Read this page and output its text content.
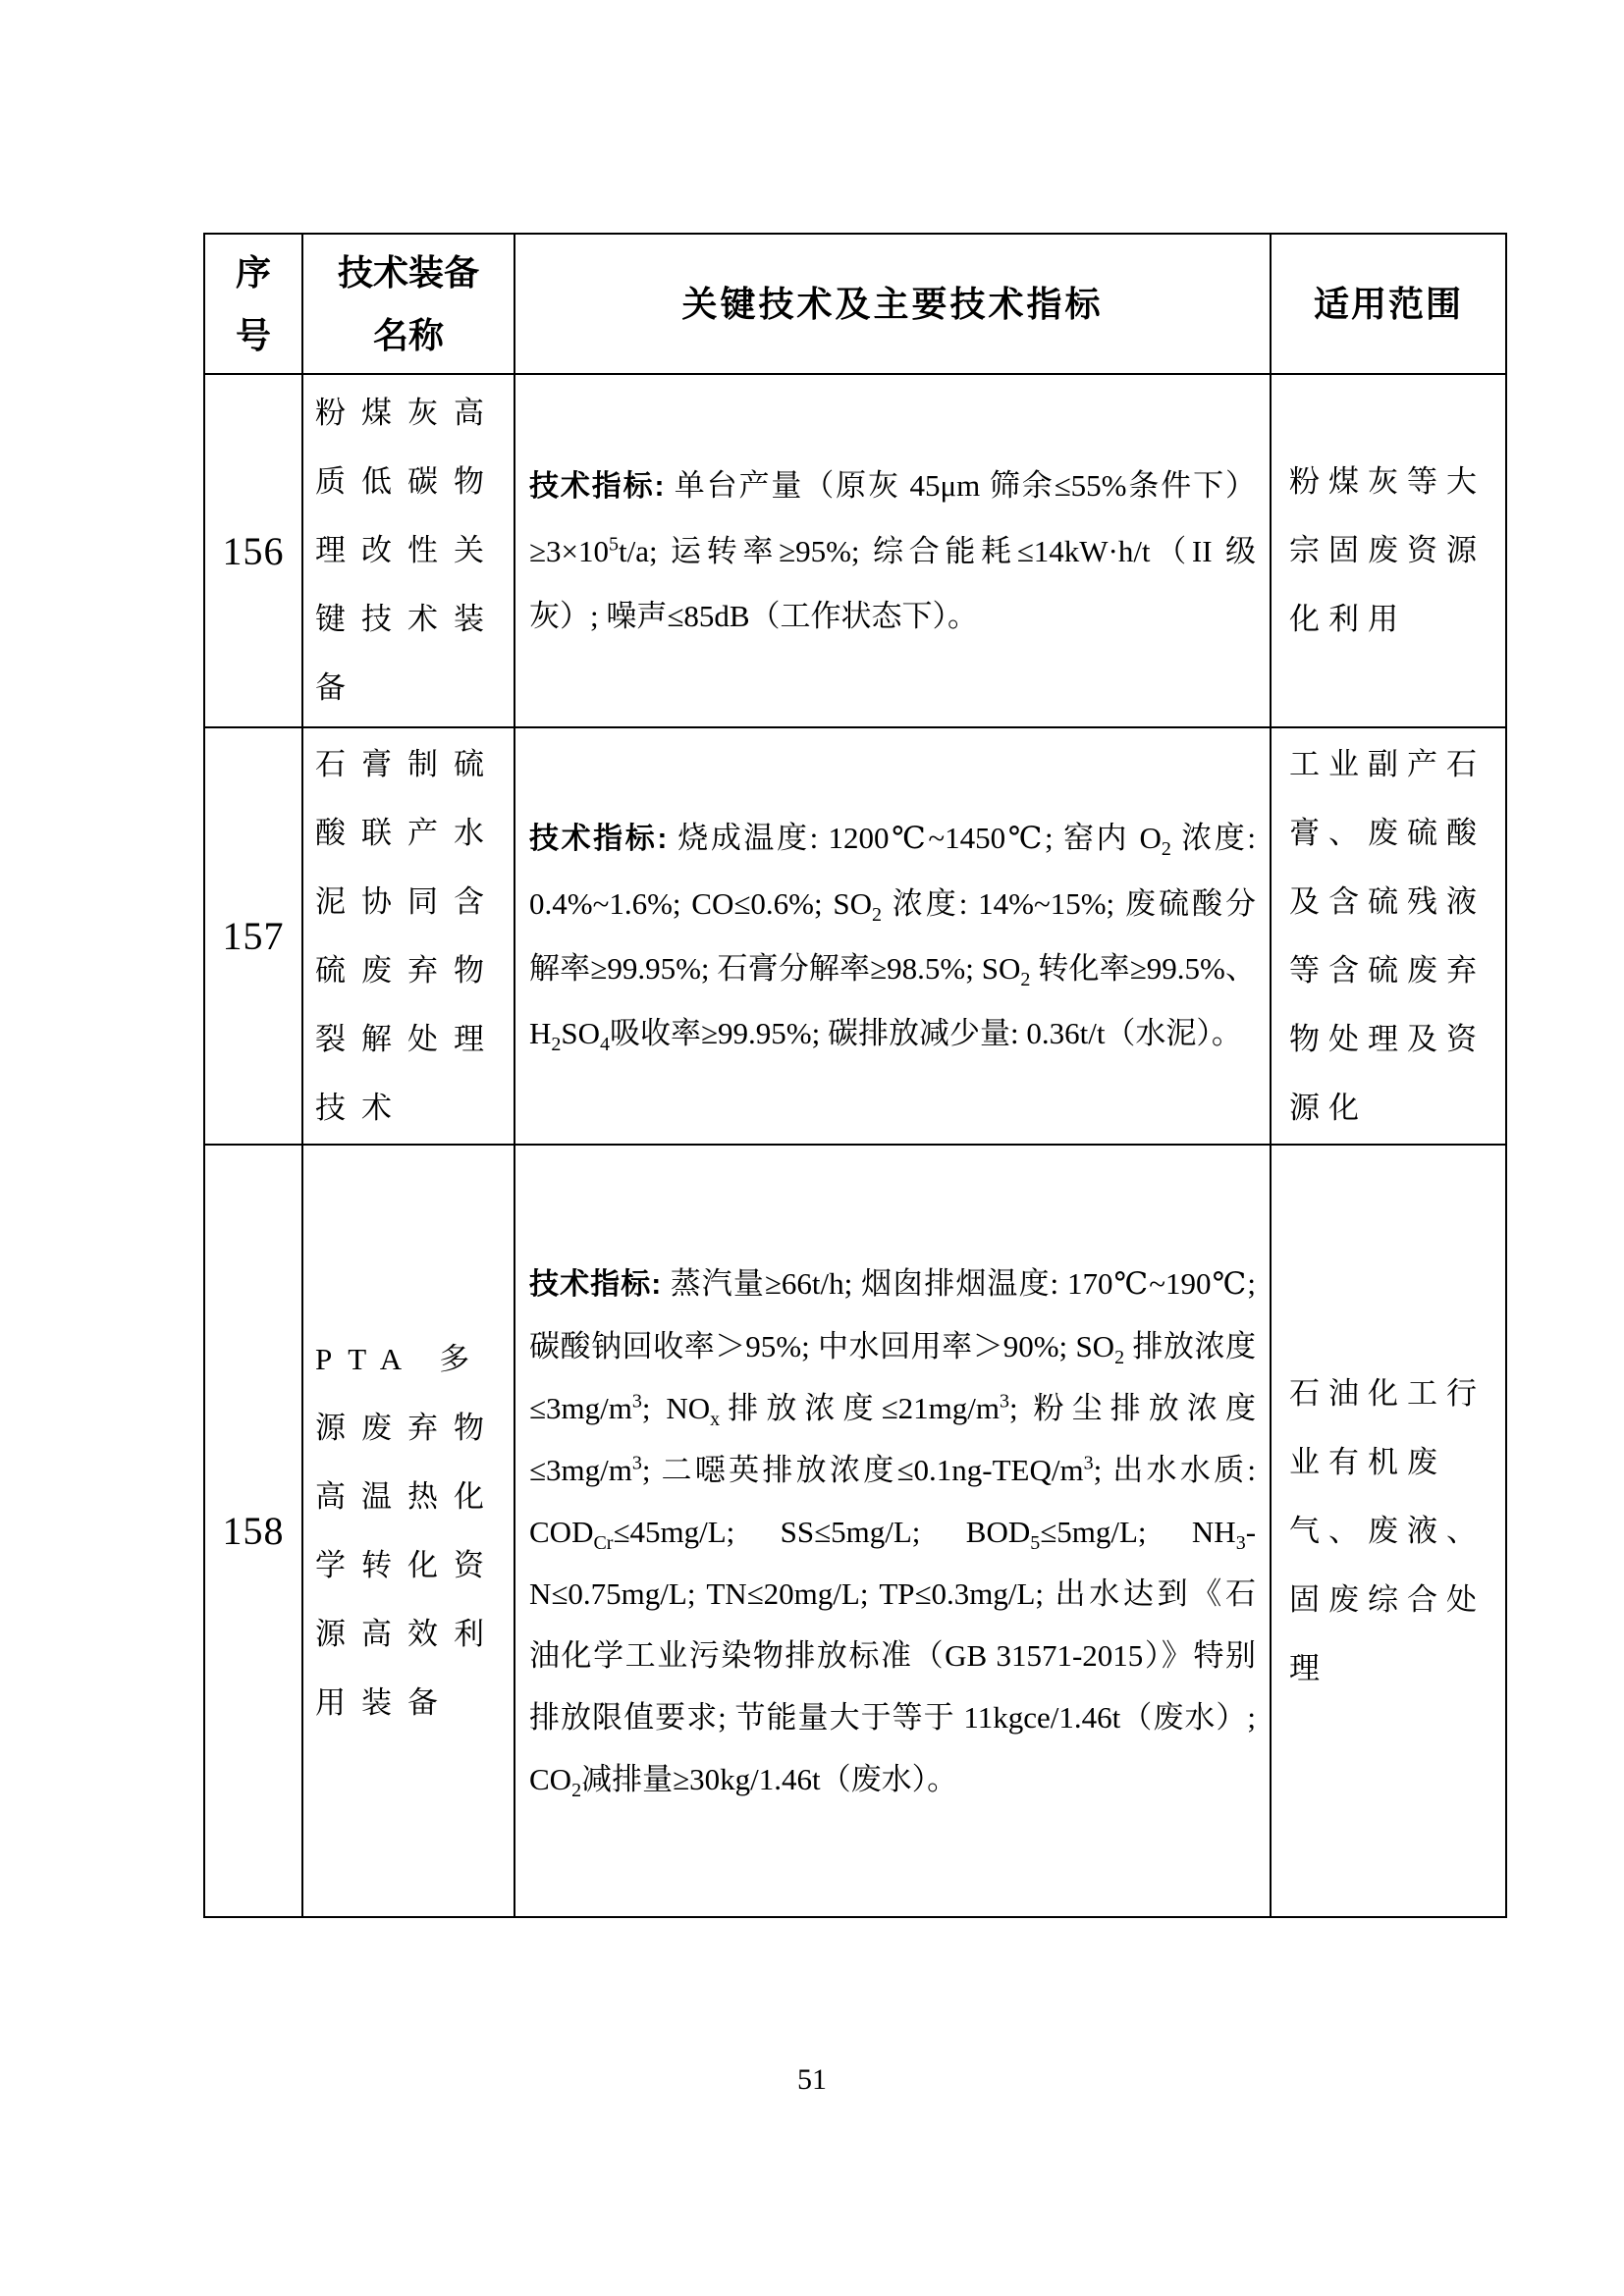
序号	技术装备名称	关键技术及主要技术指标	适用范围

156	粉煤灰高质低碳物理改性关键技术装备	技术指标: 单台产量（原灰 45μm 筛余≤55%条件下）$\ge 3\times 10^5t/a$; 运转率≥95%; 综合能耗≤14kW·h/t（II 级灰）; 噪声≤85dB（工作状态下）。	粉煤灰等大宗固废资源化利用

157	石膏制硫酸联产水泥协同含硫废弃物裂解处理技术	技术指标: 烧成温度: 1200℃~1450℃; 窑内 $O_2$ 浓度: 0.4%~1.6%; CO≤0.6%; $SO_2$ 浓度: 14%~15%; 废硫酸分解率≥99.95%; 石膏分解率≥98.5%; $SO_2$ 转化率≥99.5%、$H_2SO_4$吸收率≥99.95%; 碳排放减少量: 0.36t/t（水泥）。	工业副产石膏、废硫酸及含硫残液等含硫废弃物处理及资源化

158	PTA 多源废弃物高温热化学转化资源高效利用装备	技术指标: 蒸汽量≥66t/h; 烟囱排烟温度: 170℃~190℃; 碳酸钠回收率＞95%; 中水回用率＞90%; $SO_2$ 排放浓度$\le 3mg/m^3$; $NO_x$排放浓度$\le 21mg/m^3$; 粉尘排放浓度$\le 3mg/m^3$; 二噁英排放浓度$\le 0.1ng-TEQ/m^3$; 出水水质: $COD_{Cr}\le 45mg/L$; SS≤5mg/L; $BOD_5\le 5mg/L$; $NH_3-N\le 0.75mg/L$; TN≤20mg/L; TP≤0.3mg/L; 出水达到《石油化学工业污染物排放标准（GB 31571-2015）》特别排放限值要求; 节能量大于等于 11kgce/1.46t（废水）; $CO_2$减排量≥30kg/1.46t（废水）。	石油化工行业有机废气、废液、固废综合处理
51
